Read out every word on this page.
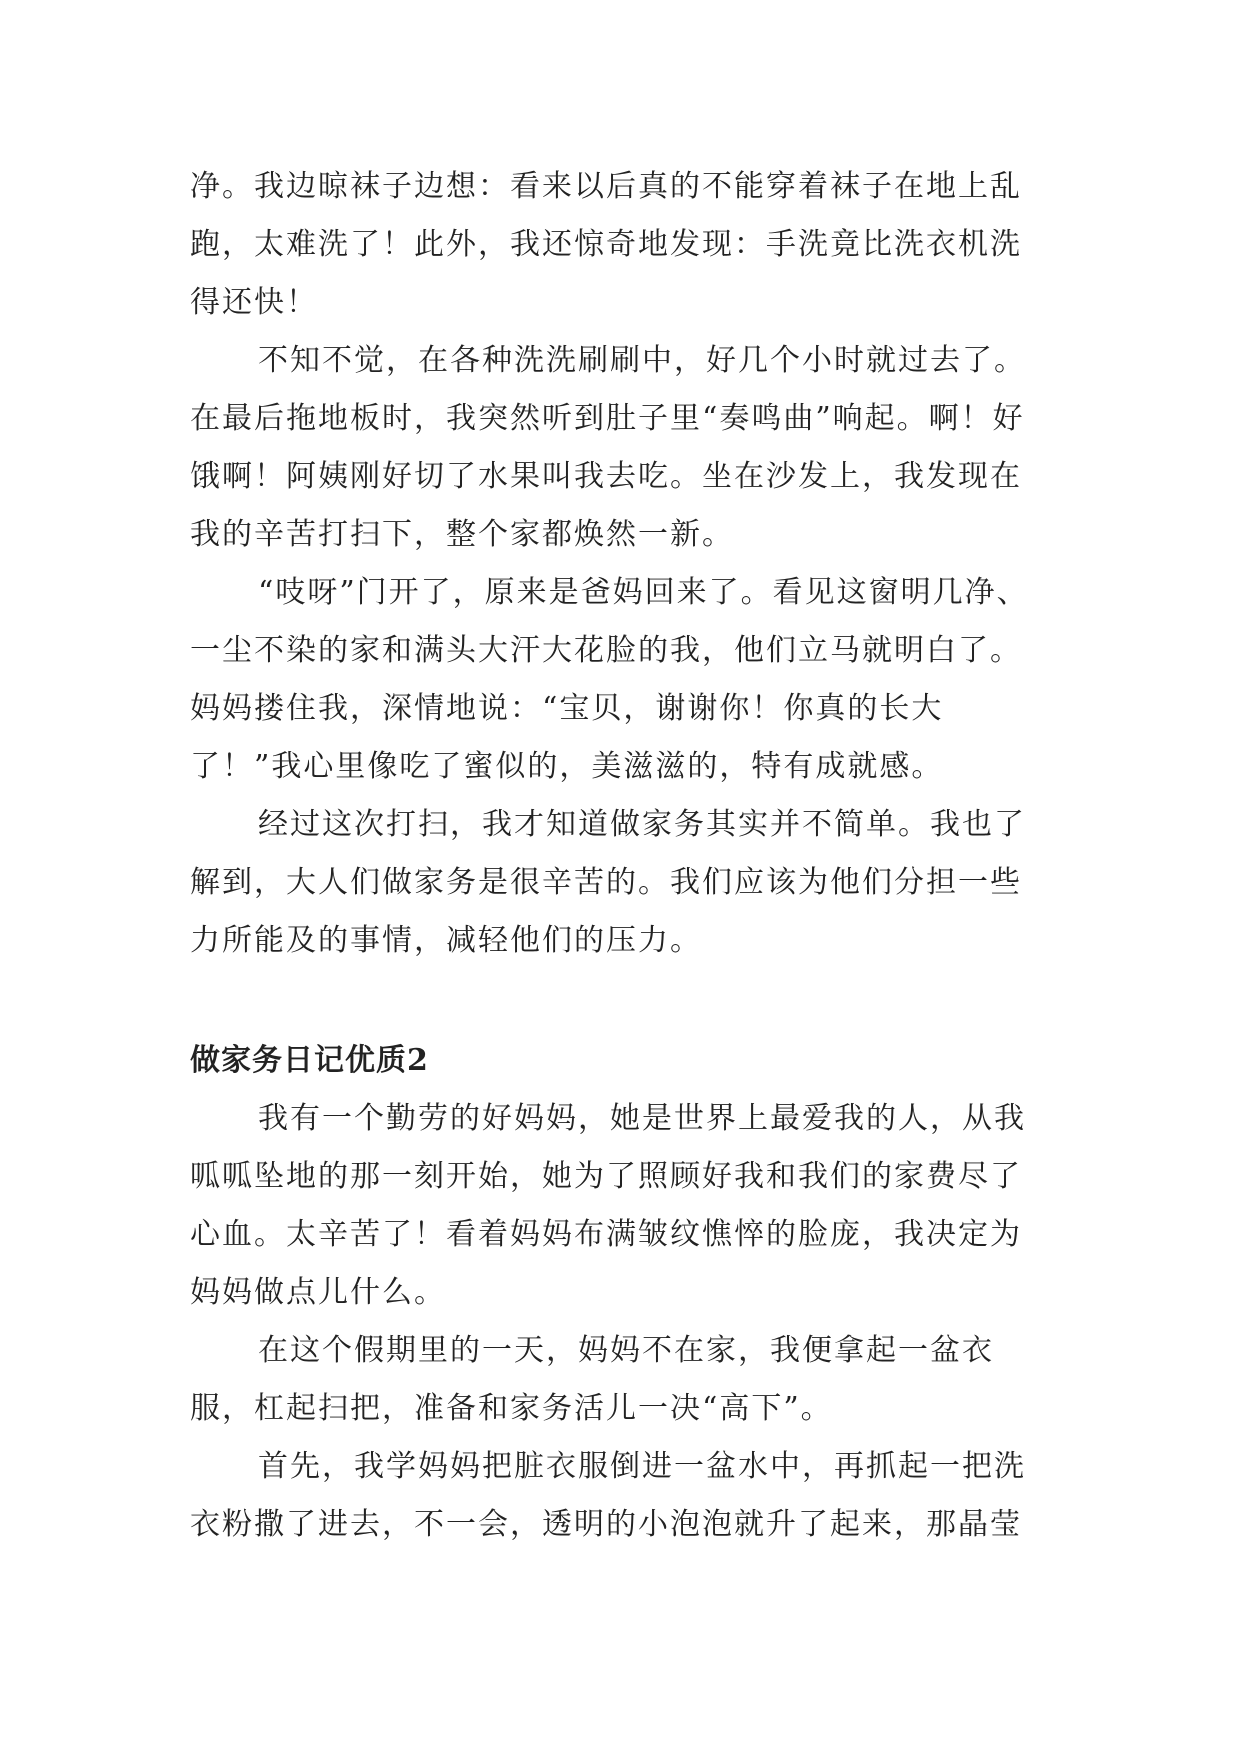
净。我边晾袜子边想：看来以后真的不能穿着袜子在地上乱跑，太难洗了！此外，我还惊奇地发现：手洗竟比洗衣机洗得还快！

不知不觉，在各种洗洗刷刷中，好几个小时就过去了。在最后拖地板时，我突然听到肚子里“奏鸣曲”响起。啊！好饿啊！阿姨刚好切了水果叫我去吃。坐在沙发上，我发现在我的辛苦打扫下，整个家都焕然一新。

“吱呀”门开了，原来是爸妈回来了。看见这窗明几净、一尘不染的家和满头大汗大花脸的我，他们立马就明白了。妈妈搂住我，深情地说：“宝贝，谢谢你！你真的长大了！”我心里像吃了蜜似的，美滋滋的，特有成就感。

经过这次打扫，我才知道做家务其实并不简单。我也了解到，大人们做家务是很辛苦的。我们应该为他们分担一些力所能及的事情，减轻他们的压力。

做家务日记优质2

我有一个勤劳的好妈妈，她是世界上最爱我的人，从我呱呱坠地的那一刻开始，她为了照顾好我和我们的家费尽了心血。太辛苦了！看着妈妈布满皱纹憔悴的脸庞，我决定为妈妈做点儿什么。

在这个假期里的一天，妈妈不在家，我便拿起一盆衣服，杠起扫把，准备和家务活儿一决“高下”。

首先，我学妈妈把脏衣服倒进一盆水中，再抓起一把洗衣粉撒了进去，不一会，透明的小泡泡就升了起来，那晶莹
